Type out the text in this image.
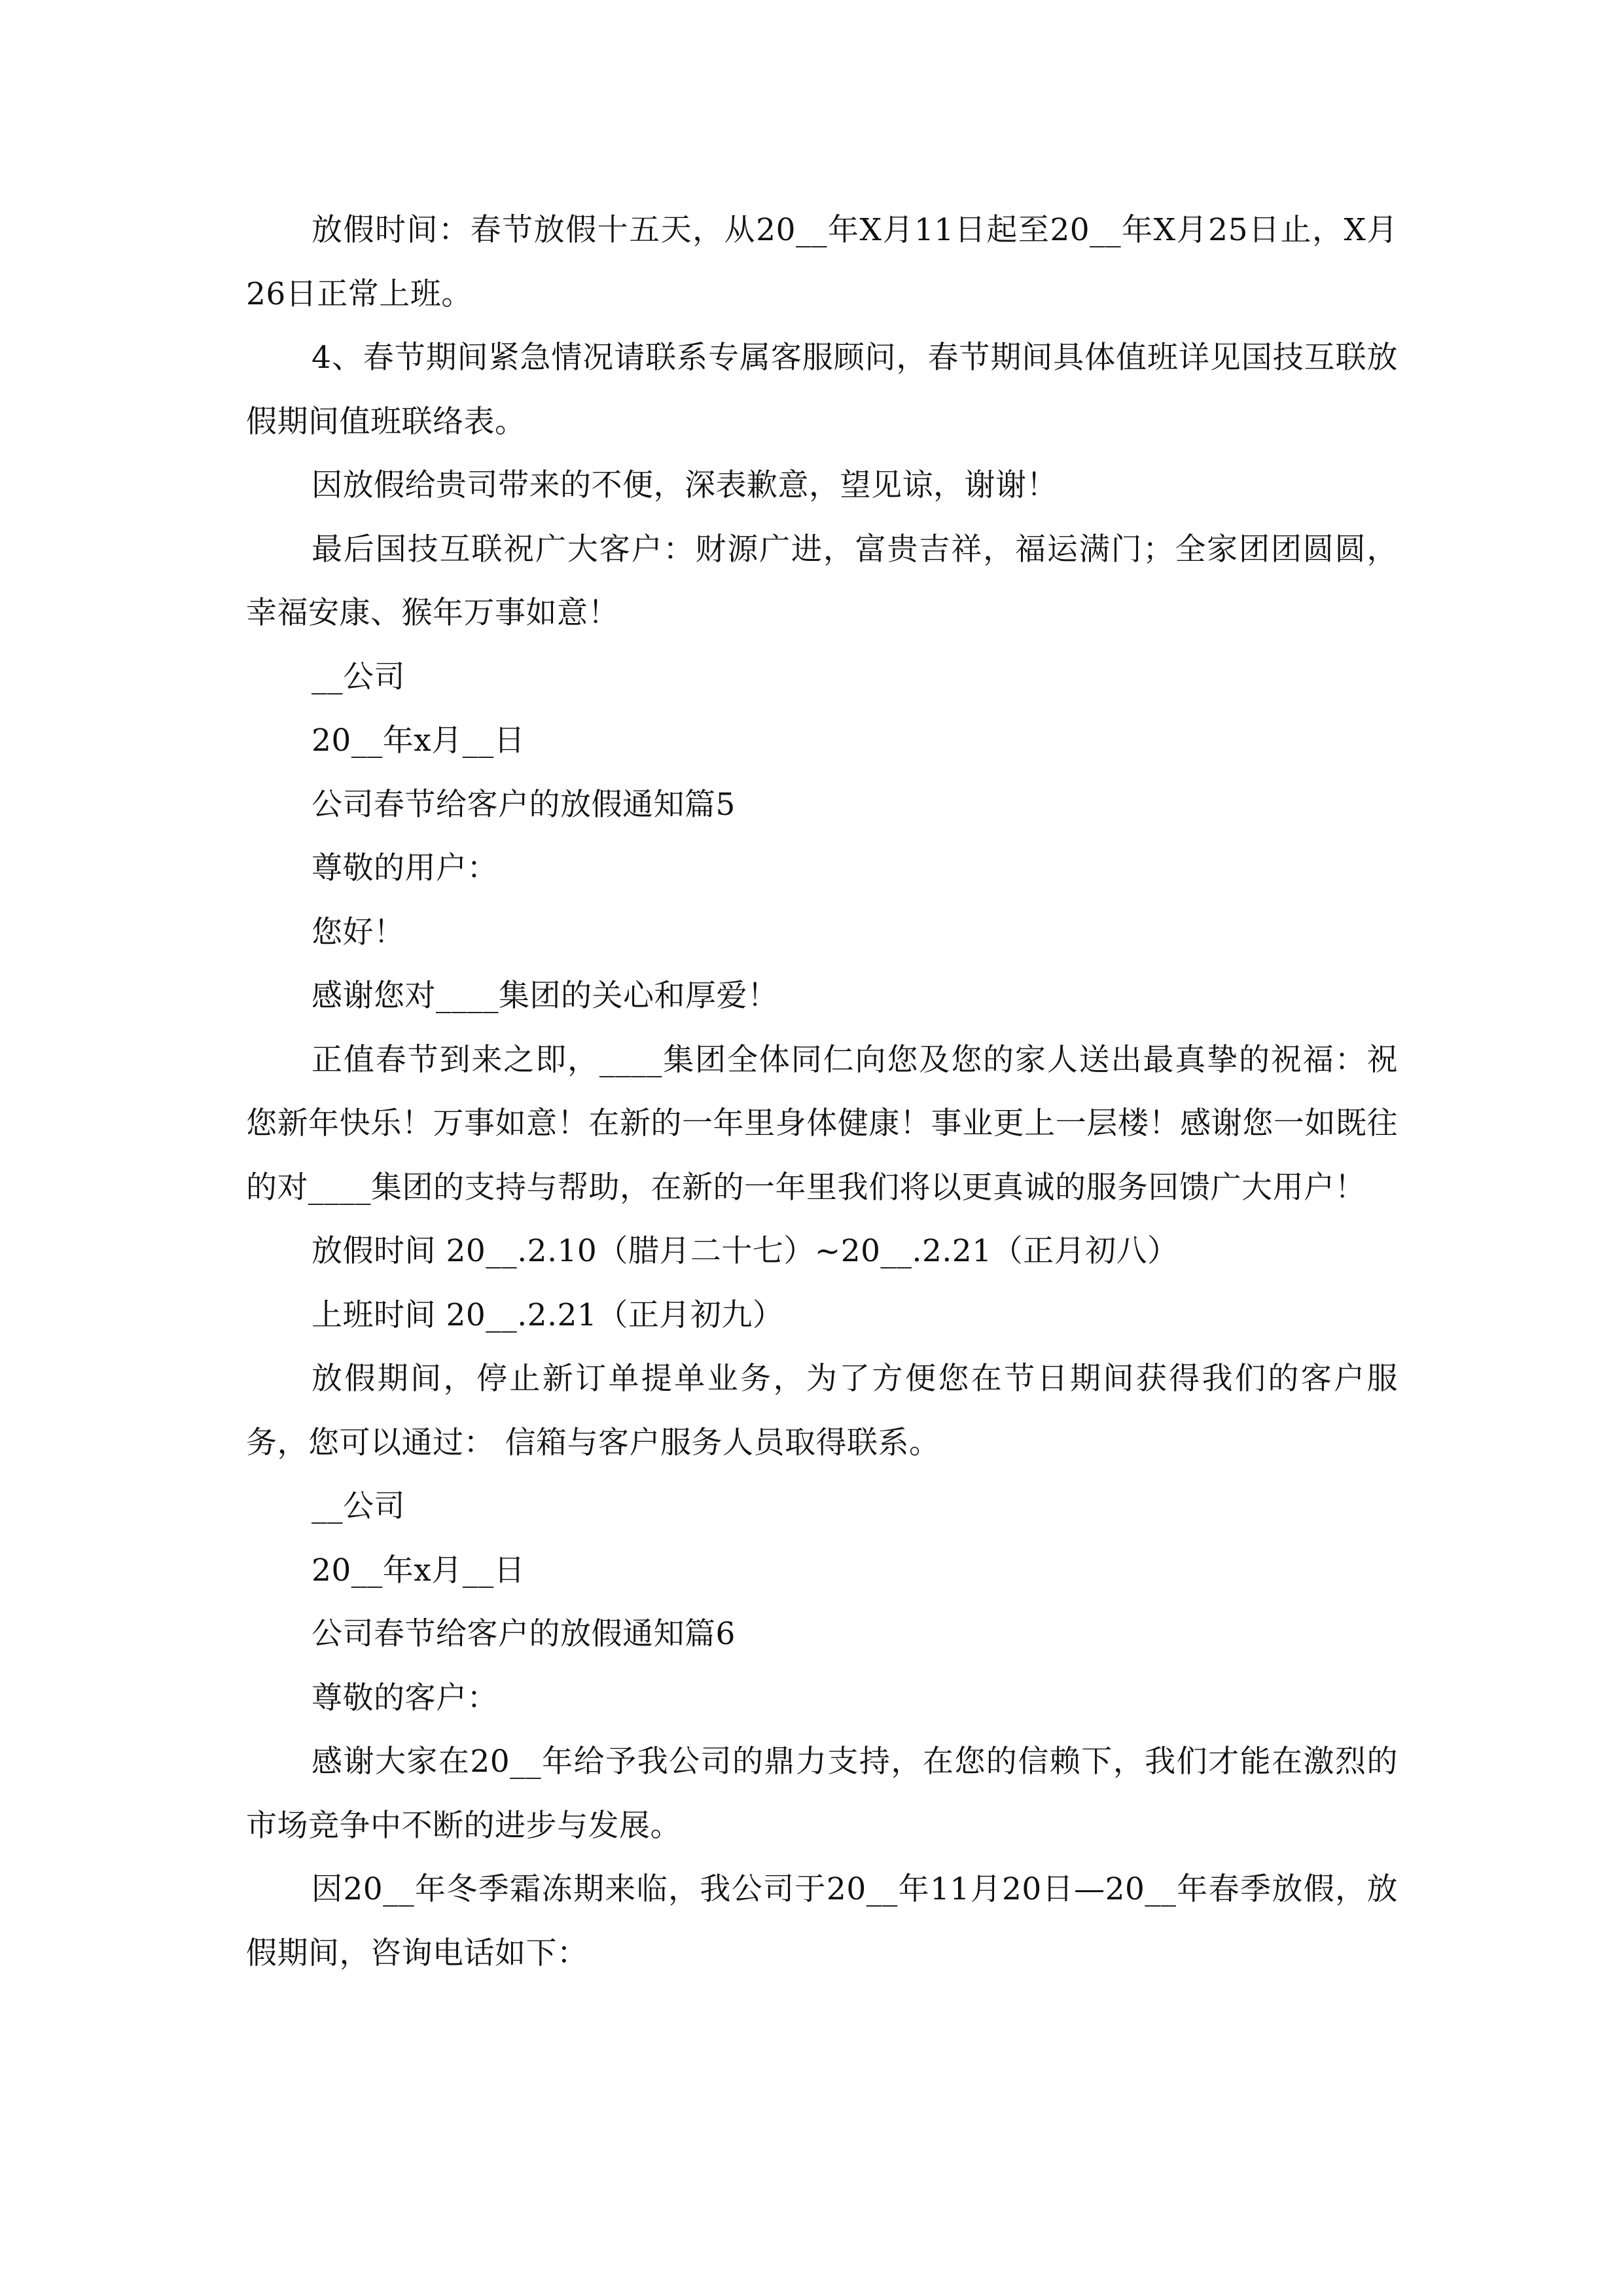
放假时间：春节放假十五天，从20__年X月11日起至20__年X月25日止，X月26日正常上班。

4、春节期间紧急情况请联系专属客服顾问，春节期间具体值班详见国技互联放假期间值班联络表。

因放假给贵司带来的不便，深表歉意，望见谅，谢谢！

最后国技互联祝广大客户：财源广进，富贵吉祥，福运满门；全家团团圆圆，幸福安康、猴年万事如意！

__公司

20__年x月__日

公司春节给客户的放假通知篇5

尊敬的用户：

您好！

感谢您对____集团的关心和厚爱！

正值春节到来之即，____集团全体同仁向您及您的家人送出最真挚的祝福：祝您新年快乐！万事如意！在新的一年里身体健康！事业更上一层楼！感谢您一如既往的对____集团的支持与帮助，在新的一年里我们将以更真诚的服务回馈广大用户！

放假时间 20__.2.10（腊月二十七）~20__.2.21（正月初八）

上班时间 20__.2.21（正月初九）

放假期间，停止新订单提单业务，为了方便您在节日期间获得我们的客户服务，您可以通过： 信箱与客户服务人员取得联系。

__公司

20__年x月__日

公司春节给客户的放假通知篇6

尊敬的客户：

感谢大家在20__年给予我公司的鼎力支持，在您的信赖下，我们才能在激烈的市场竞争中不断的进步与发展。

因20__年冬季霜冻期来临，我公司于20__年11月20日—20__年春季放假，放假期间，咨询电话如下：
